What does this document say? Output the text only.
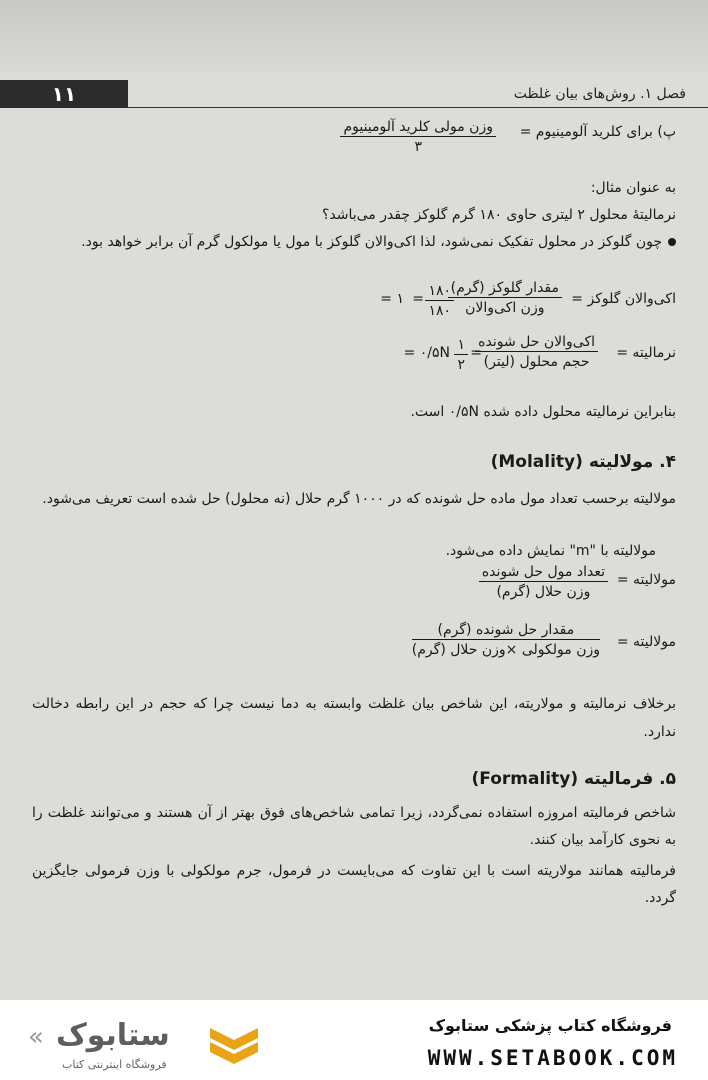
۱۱	فصل ۱. روش‌های بیان غلظت
پ) برای کلرید آلومینیوم =
وزن مولی کلرید آلومینیوم
۳
به عنوان مثال:
نرمالیتهٔ محلول ۲ لیتری حاوی ۱۸۰ گرم گلوکز چقدر می‌باشد؟
چون گلوکز در محلول تفکیک نمی‌شود، لذا اکی‌والان گلوکز با مول یا مولکول گرم آن برابر خواهد بود.
اکی‌والان گلوکز =
مقدار گلوکز (گرم)
وزن اکی‌والان
= ۱۸۰
۱۸۰
= ۱
نرمالیته =
اکی‌والان حل شونده
حجم محلول (لیتر)
=
۱
۲
= ۰/۵N
بنابراین نرمالیته محلول داده شده ۰/۵N است.
۴. مولالیته (Molality)
مولالیته برحسب تعداد مول ماده حل شونده که در ۱۰۰۰ گرم حلال (نه محلول) حل شده است تعریف می‌شود.
مولالیته با "m" نمایش داده می‌شود.
مولالیته =
تعداد مول حل شونده
وزن حلال (گرم)
مولالیته =
مقدار حل شونده (گرم)
وزن مولکولی ×وزن حلال (گرم)
برخلاف نرمالیته و مولاریته، این شاخص بیان غلظت وابسته به دما نیست چرا که حجم در این رابطه دخالت ندارد.
۵. فرمالیته (Formality)
شاخص فرمالیته امروزه استفاده نمی‌گردد، زیرا تمامی شاخص‌های فوق بهتر از آن هستند و می‌توانند غلظت را به نحوی کارآمد بیان کنند.
فرمالیته همانند مولاریته است با این تفاوت که می‌بایست در فرمول، جرم مولکولی با وزن فرمولی جایگزین گردد.
فروشگاه کتاب پزشکی ستابوک
WWW.SETABOOK.COM
« ستابوک
فروشگاه اینترنتی کتاب
